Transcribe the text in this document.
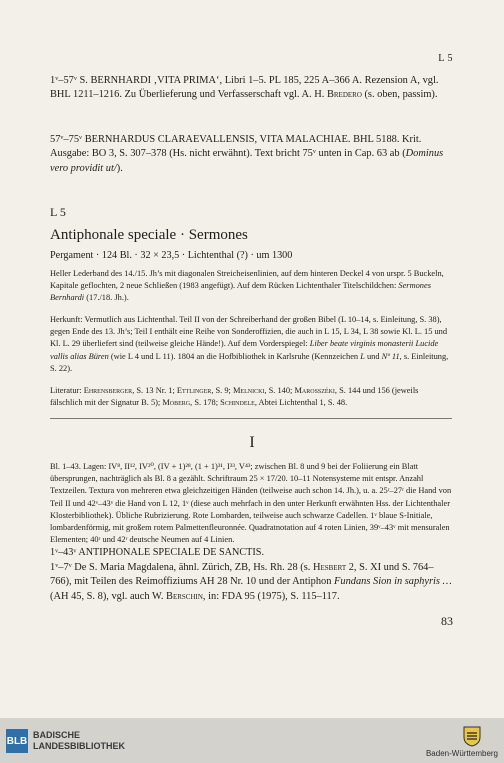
L 5

1ᵛ–57ᵛ S. BERNHARDI ‚VITA PRIMA‘, Libri 1–5. PL 185, 225 A–366 A. Rezension A, vgl. BHL 1211–1216. Zu Überlieferung und Verfasserschaft vgl. A. H. Bredero (s. oben, passim).

57ᵛ–75ᵛ BERNHARDUS CLARAEVALLENSIS, VITA MALACHIAE. BHL 5188. Krit. Ausgabe: BO 3, S. 307–378 (Hs. nicht erwähnt). Text bricht 75ᵛ unten in Cap. 63 ab (Dominus vero providit ut/).

L 5
Antiphonale speciale · Sermones
Pergament · 124 Bl. · 32 × 23,5 · Lichtenthal (?) · um 1300

Heller Lederband des 14./15. Jh’s mit diagonalen Streicheisenlinien, auf dem hinteren Deckel 4 von urspr. 5 Buckeln, Kapitale geflochten, 2 neue Schließen (1983 angefügt). Auf dem Rücken Lichtenthaler Titelschildchen: Sermones Bernhardi (17./18. Jh.).

Herkunft: Vermutlich aus Lichtenthal. Teil II von der Schreiberhand der großen Bibel (L 10–14, s. Einleitung, S. 38), gegen Ende des 13. Jh’s; Teil I enthält eine Reihe von Sonderoffizien, die auch in L 15, L 34, L 38 sowie Kl. L. 15 und Kl. L. 29 überliefert sind (teilweise gleiche Hände!). Auf dem Vorderspiegel: Liber beate virginis monasterii Lucide vallis alias Büren (wie L 4 und L 11). 1804 an die Hofbibliothek in Karlsruhe (Kennzeichen L und Nº 11, s. Einleitung, S. 22).

Literatur: Ehrensberger, S. 13 Nr. 1; Ettlinger, S. 9; Melnicki, S. 140; Marosszéki, S. 144 und 156 (jeweils fälschlich mit der Signatur B. 5); Moberg, S. 178; Schindele, Abtei Lichtenthal 1, S. 48.

I

Bl. 1–43. Lagen: IV⁸, II¹², IV²⁰, (IV + 1)²⁸, (1 + 1)³¹, I³³, V⁴³; zwischen Bl. 8 und 9 bei der Foliierung ein Blatt übersprungen, nachträglich als Bl. 8 a gezählt. Schriftraum 25 × 17/20. 10–11 Notensysteme mit entspr. Anzahl Textzeilen. Textura von mehreren etwa gleichzeitigen Händen (teilweise auch schon 14. Jh.), u. a. 25ʳ–27ʳ die Hand von Teil II und 42ᵛ–43ᵛ die Hand von L 12, 1ᵛ (diese auch mehrfach in den unter Herkunft erwähnten Hss. der Lichtenthaler Klosterbibliothek). Übliche Rubrizierung. Rote Lombarden, teilweise auch schwarze Cadellen. 1ᵛ blaue S-Initiale, lombardenförmig, mit großem rotem Palmettenfleuronnée. Quadratnotation auf 4 roten Linien, 39ᵛ–43ᵛ mit mensuralen Elementen; 40ʳ und 42ʳ deutsche Neumen auf 4 Linien.

1ᵛ–43ᵛ ANTIPHONALE SPECIALE DE SANCTIS.

1ᵛ–7ᵛ De S. Maria Magdalena, ähnl. Zürich, ZB, Hs. Rh. 28 (s. Hesbert 2, S. XI und S. 764–766), mit Teilen des Reimoffiziums AH 28 Nr. 10 und der Antiphon Fundans Sion in saphyris … (AH 45, S. 8), vgl. auch W. Berschin, in: FDA 95 (1975), S. 115–117.

83
BLB
BADISCHE
LANDESBIBLIOTHEK
Baden-Württemberg
